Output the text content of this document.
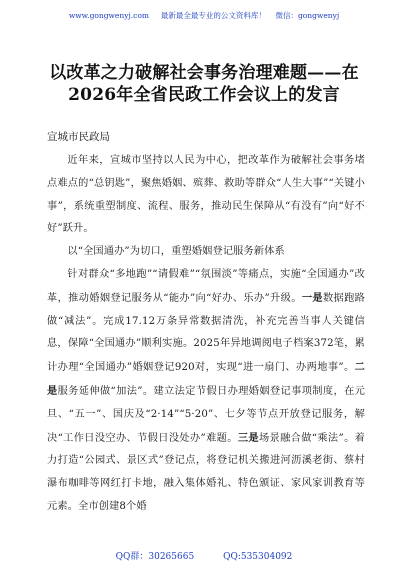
www.gongwenyj.com 最新最全最专业的公文资料库！ 微信：gongwenyj
以改革之力破解社会事务治理难题——在
2026年全省民政工作会议上的发言
宣城市民政局

近年来，宣城市坚持以人民为中心，把改革作为破解社会事务堵点难点的“总钥匙”，聚焦婚姻、殡葬、救助等群众“人生大事”“关键小事”，系统重塑制度、流程、服务，推动民生保障从“有没有”向“好不好”跃升。

以“全国通办”为切口，重塑婚姻登记服务新体系

针对群众“多地跑”“请假难”“氛围淡”等痛点，实施“全国通办”改革，推动婚姻登记服务从“能办”向“好办、乐办”升级。一是数据跑路做“减法”。完成17.12万条异常数据清洗，补充完善当事人关键信息，保障“全国通办”顺利实施。2025年异地调阅电子档案372笔，累计办理“全国通办”婚姻登记920对，实现“进一扇门、办两地事”。二是服务延伸做“加法”。建立法定节假日办理婚姻登记事项制度，在元旦、“五一”、国庆及“2·14”“5·20”、七夕等节点开放登记服务，解决“工作日没空办、节假日没处办”难题。三是场景融合做“乘法”。着力打造“公园式、景区式”登记点，将登记机关搬进河沥溪老街、蔡村瀑布咖啡等网红打卡地，融入集体婚礼、特色颁证、家风家训教育等元素。全市创建8个婚

QQ群：30265665	QQ:535304092
